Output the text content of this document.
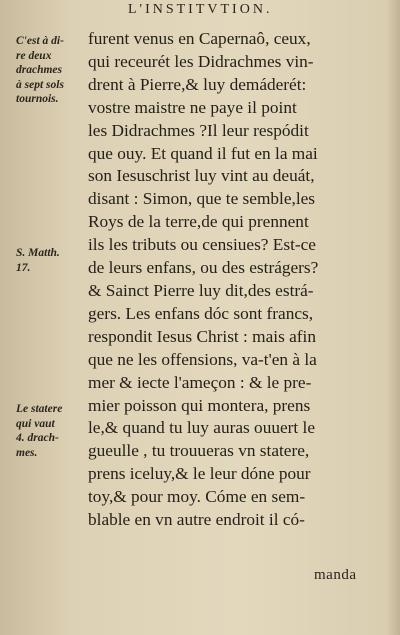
L'INSTITVTION.
C'est à di-
re deux
drachmes
à sept sols
tournois.
S. Matth.
17.
Le statere
qui vaut
4. drach-
mes.
furent venus en Capernaô, ceux,
qui receurét les Didrachmes vin-
drent à Pierre,& luy demáderét:
vostre maistre ne paye il point
les Didrachmes ?Il leur respódit
que ouy. Et quand il fut en la mai
son Iesuschrist luy vint au deuát,
disant : Simon, que te semble,les
Roys de la terre,de qui prennent
ils les tributs ou censiues? Est-ce
de leurs enfans, ou des estrágers?
& Sainct Pierre luy dit,des estrá-
gers. Les enfans dóc sont francs,
respondit Iesus Christ : mais afin
que ne les offensions, va-t'en à la
mer & iecte l'ameçon : & le pre-
mier poisson qui montera, prens
le,& quand tu luy auras ouuert le
gueulle , tu trouueras vn statere,
prens iceluy,& le leur dóne pour
toy,& pour moy. Cóme en sem-
blable en vn autre endroit il có-
manda
